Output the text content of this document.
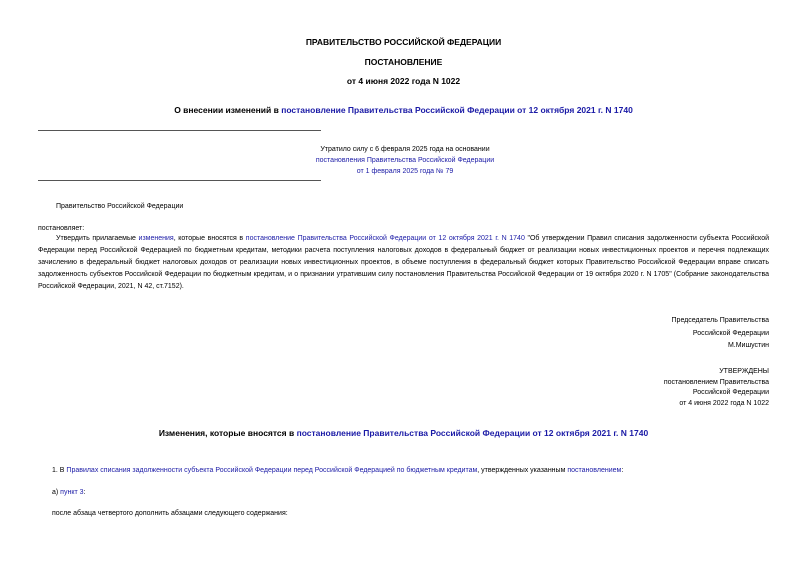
ПРАВИТЕЛЬСТВО РОССИЙСКОЙ ФЕДЕРАЦИИ
ПОСТАНОВЛЕНИЕ
от 4 июня 2022 года N 1022
О внесении изменений в постановление Правительства Российской Федерации от 12 октября 2021 г. N 1740
Утратило силу с 6 февраля 2025 года на основании
постановления Правительства Российской Федерации
от 1 февраля 2025 года № 79
Правительство Российской Федерации
постановляет:
Утвердить прилагаемые изменения, которые вносятся в постановление Правительства Российской Федерации от 12 октября 2021 г. N 1740 "Об утверждении Правил списания задолженности субъекта Российской Федерации перед Российской Федерацией по бюджетным кредитам, методики расчета поступления налоговых доходов в федеральный бюджет от реализации новых инвестиционных проектов и перечня подлежащих зачислению в федеральный бюджет налоговых доходов от реализации новых инвестиционных проектов, в объеме поступления в федеральный бюджет которых Правительство Российской Федерации вправе списать задолженность субъектов Российской Федерации по бюджетным кредитам, и о признании утратившим силу постановления Правительства Российской Федерации от 19 октября 2020 г. N 1705" (Собрание законодательства Российской Федерации, 2021, N 42, ст.7152).
Председатель Правительства
Российской Федерации
М.Мишустин
УТВЕРЖДЕНЫ
постановлением Правительства
Российской Федерации
от 4 июня 2022 года N 1022
Изменения, которые вносятся в постановление Правительства Российской Федерации от 12 октября 2021 г. N 1740
1. В Правилах списания задолженности субъекта Российской Федерации перед Российской Федерацией по бюджетным кредитам, утвержденных указанным постановлением:
а) пункт 3:
после абзаца четвертого дополнить абзацами следующего содержания:
